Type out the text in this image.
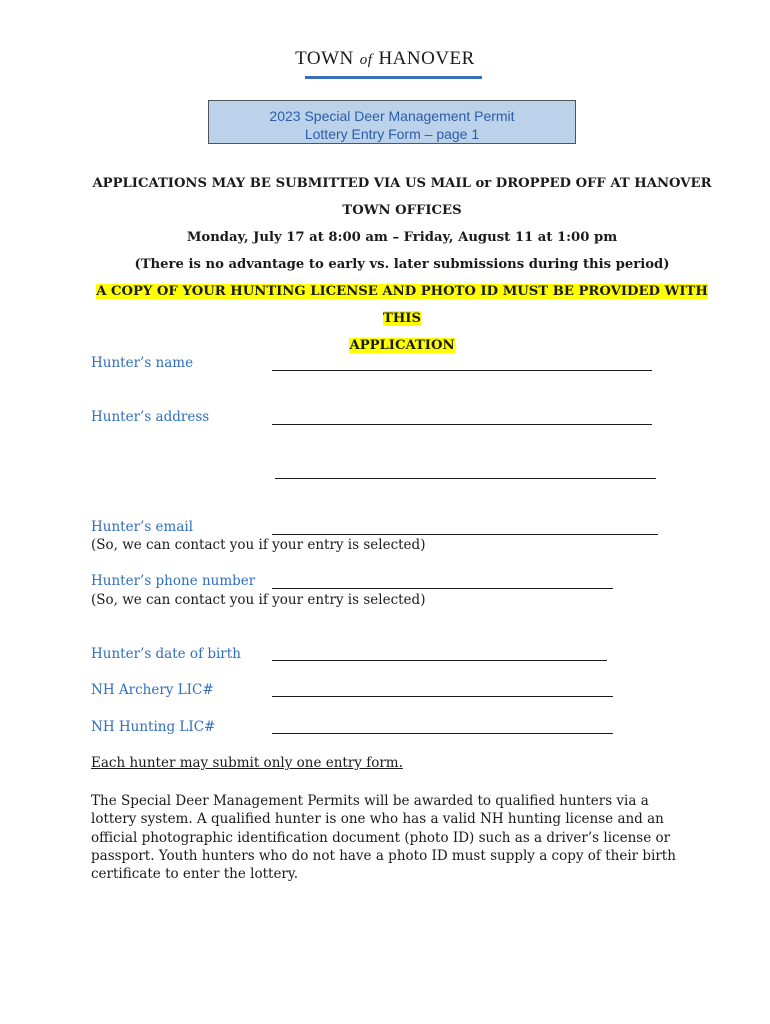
TOWN of HANOVER
2023 Special Deer Management Permit
Lottery Entry Form – page 1

APPLICATIONS MAY BE SUBMITTED VIA US MAIL or DROPPED OFF AT HANOVER TOWN OFFICES

Monday, July 17 at 8:00 am – Friday, August 11 at 1:00 pm

(There is no advantage to early vs. later submissions during this period)

A COPY OF YOUR HUNTING LICENSE AND PHOTO ID MUST BE PROVIDED WITH THIS

APPLICATION

Hunter’s name
Hunter’s address
Hunter’s email
(So, we can contact you if your entry is selected)
Hunter’s phone number
(So, we can contact you if your entry is selected)
Hunter’s date of birth
NH Archery LIC#
NH Hunting LIC#
Each hunter may submit only one entry form.

The Special Deer Management Permits will be awarded to qualified hunters via a lottery system. A qualified hunter is one who has a valid NH hunting license and an official photographic identification document (photo ID) such as a driver’s license or passport. Youth hunters who do not have a photo ID must supply a copy of their birth certificate to enter the lottery.
